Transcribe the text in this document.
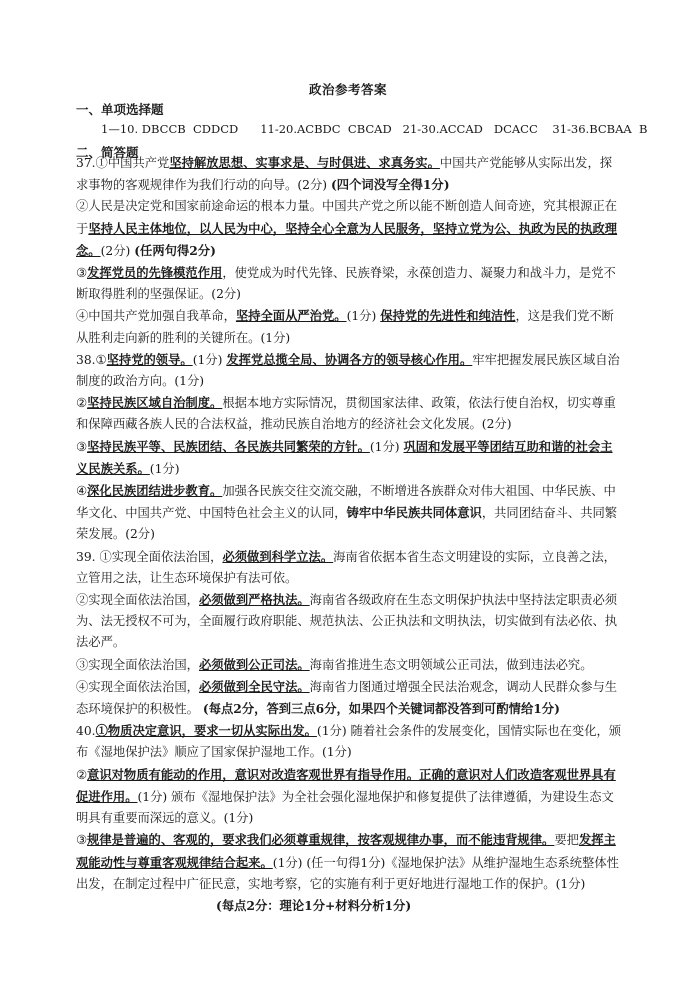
政治参考答案
一、单项选择题
1—10. DBCCB  CDDCD      11-20.ACBDC  CBCAD   21-30.ACCAD   DCACC    31-36.BCBAA  B
二、简答题

37.①中国共产党坚持解放思想、实事求是、与时俱进、求真务实。中国共产党能够从实际出发，探求事物的客观规律作为我们行动的向导。(2分) (四个词没写全得1分)

②人民是决定党和国家前途命运的根本力量。中国共产党之所以能不断创造人间奇迹，究其根源正在于坚持人民主体地位，以人民为中心，坚持全心全意为人民服务，坚持立党为公、执政为民的执政理念。(2分) (任两句得2分)

③发挥党员的先锋模范作用，使党成为时代先锋、民族脊梁，永葆创造力、凝聚力和战斗力，是党不断取得胜利的坚强保证。(2分)

④中国共产党加强自我革命，坚持全面从严治党。(1分) 保持党的先进性和纯洁性，这是我们党不断从胜利走向新的胜利的关键所在。(1分)

38.①坚持党的领导。(1分) 发挥党总揽全局、协调各方的领导核心作用。牢牢把握发展民族区域自治制度的政治方向。(1分)

②坚持民族区域自治制度。根据本地方实际情况，贯彻国家法律、政策，依法行使自治权，切实尊重和保障西藏各族人民的合法权益，推动民族自治地方的经济社会文化发展。(2分)

③坚持民族平等、民族团结、各民族共同繁荣的方针。(1分) 巩固和发展平等团结互助和谐的社会主义民族关系。(1分)

④深化民族团结进步教育。加强各民族交往交流交融，不断增进各族群众对伟大祖国、中华民族、中华文化、中国共产党、中国特色社会主义的认同，铸牢中华民族共同体意识，共同团结奋斗、共同繁荣发展。(2分)

39. ①实现全面依法治国，必须做到科学立法。海南省依据本省生态文明建设的实际，立良善之法，立管用之法，让生态环境保护有法可依。

②实现全面依法治国，必须做到严格执法。海南省各级政府在生态文明保护执法中坚持法定职责必须为、法无授权不可为，全面履行政府职能、规范执法、公正执法和文明执法，切实做到有法必依、执法必严。

③实现全面依法治国，必须做到公正司法。海南省推进生态文明领域公正司法，做到违法必究。

④实现全面依法治国，必须做到全民守法。海南省力图通过增强全民法治观念，调动人民群众参与生态环境保护的积极性。 (每点2分，答到三点6分，如果四个关键词都没答到可酌情给1分)

40.①物质决定意识，要求一切从实际出发。(1分) 随着社会条件的发展变化，国情实际也在变化，颁布《湿地保护法》顺应了国家保护湿地工作。(1分)

②意识对物质有能动的作用，意识对改造客观世界有指导作用。正确的意识对人们改造客观世界具有促进作用。(1分) 颁布《湿地保护法》为全社会强化湿地保护和修复提供了法律遵循，为建设生态文明具有重要而深远的意义。(1分)

③规律是普遍的、客观的，要求我们必须尊重规律，按客观规律办事，而不能违背规律。要把发挥主观能动性与尊重客观规律结合起来。(1分) (任一句得1分)《湿地保护法》从维护湿地生态系统整体性出发，在制定过程中广征民意，实地考察，它的实施有利于更好地进行湿地工作的保护。(1分)

(每点2分：理论1分+材料分析1分)
